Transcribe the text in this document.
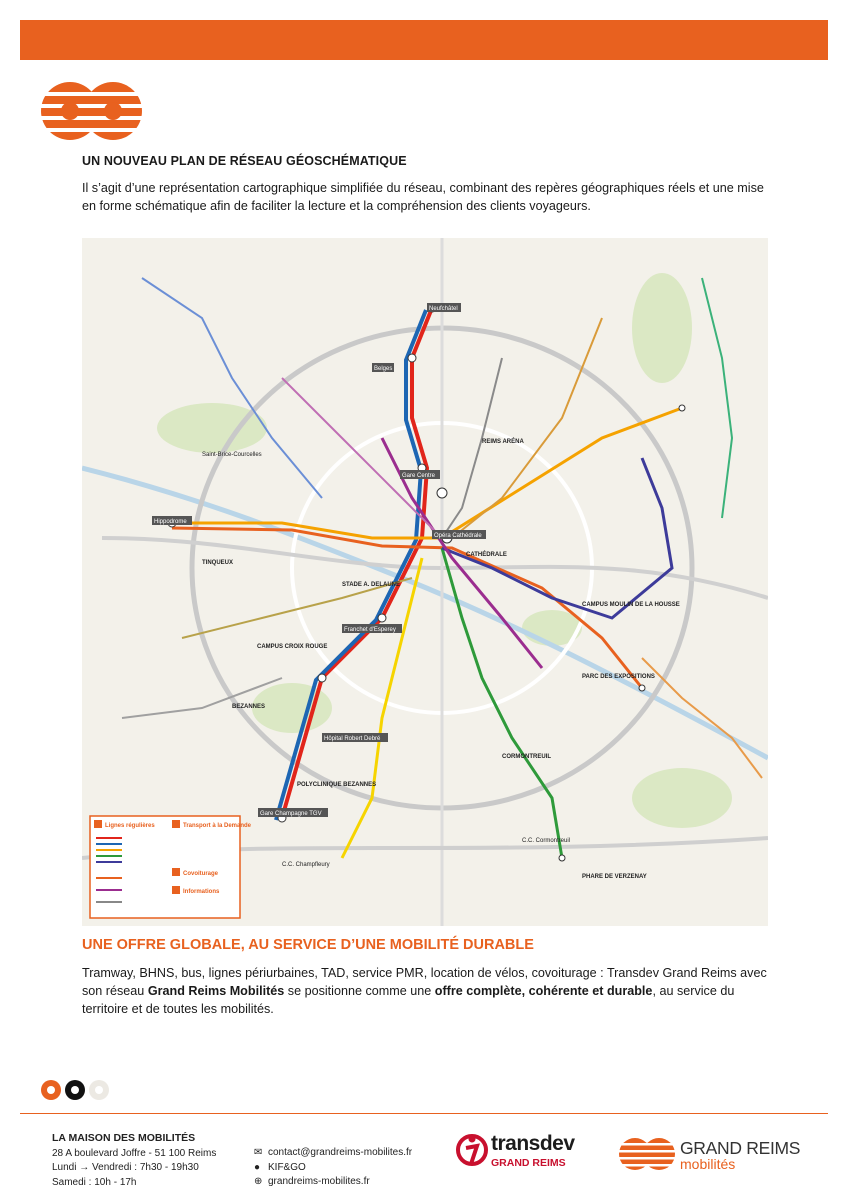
UN NOUVEAU PLAN DE RÉSEAU GÉOSCHÉMATIQUE
Il s’agit d’une représentation cartographique simplifiée du réseau, combinant des repères géographiques réels et une mise en forme schématique afin de faciliter la lecture et la compréhension des clients voyageurs.
Neufchâtel
Belges
Gare Centre
Opéra Cathédrale
Franchet d'Esperey
Hôpital Robert Debré
Gare Champagne TGV
Hippodrome
Saint-Brice-Courcelles
CATHÉDRALE
STADE A. DELAUNE
CAMPUS CROIX ROUGE
CAMPUS MOULIN DE LA HOUSSE
PARC DES EXPOSITIONS
REIMS ARÉNA
POLYCLINIQUE BEZANNES
C.C. Champfleury
C.C. Cormontreuil
PHARE DE VERZENAY
BEZANNES
TINQUEUX
CORMONTREUIL
Lignes régulières	Transport à la Demande
Covoiturage
Informations
UNE OFFRE GLOBALE, AU SERVICE D’UNE MOBILITÉ DURABLE
Tramway, BHNS, bus, lignes périurbaines, TAD, service PMR, location de vélos, covoiturage : Transdev Grand Reims avec son réseau Grand Reims Mobilités se positionne comme une offre complète, cohérente et durable, au service du territoire et de toutes les mobilités.
LA MAISON DES MOBILITÉS
28 A boulevard Joffre - 51 100 Reims
Lundi → Vendredi : 7h30 - 19h30
Samedi : 10h - 17h
✉ contact@grandreims-mobilites.fr
● KIF&GO
⊕ grandreims-mobilites.fr
transdev
GRAND REIMS
GRAND REIMS
mobilités
